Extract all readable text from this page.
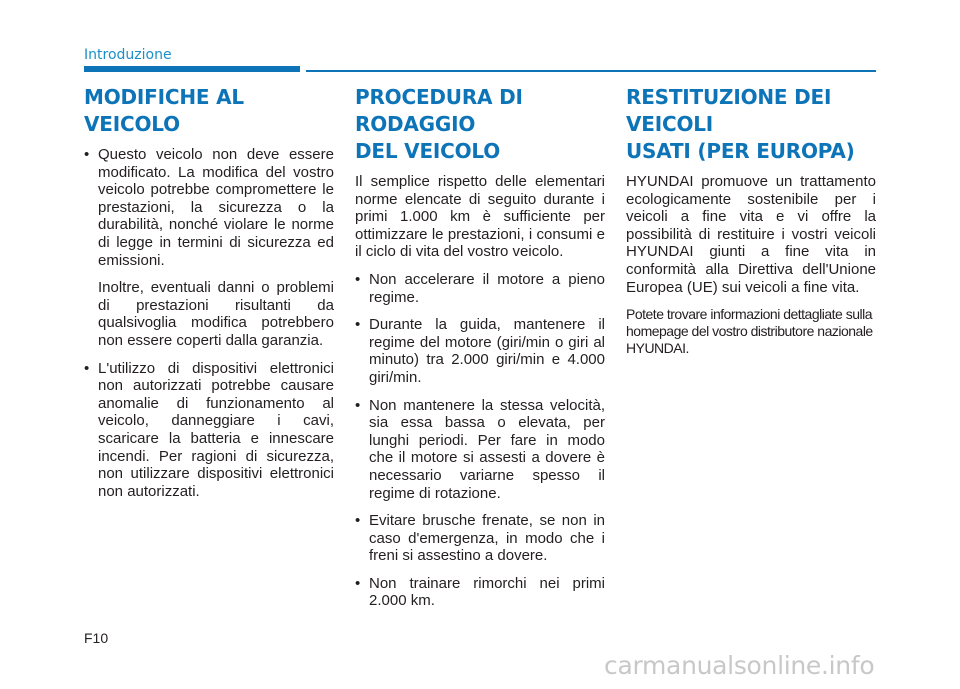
Introduzione
MODIFICHE AL VEICOLO
• Questo veicolo non deve essere modificato. La modifica del vostro veicolo potrebbe compromettere le prestazioni, la sicurezza o la durabilità, nonché violare le norme di legge in termini di sicurezza ed emissioni.

Inoltre, eventuali danni o problemi di prestazioni risultanti da qualsivoglia modifica potrebbero non essere coperti dalla garanzia.

• L'utilizzo di dispositivi elettronici non autorizzati potrebbe causare anomalie di funzionamento al veicolo, danneggiare i cavi, scaricare la batteria e innescare incendi. Per ragioni di sicurezza, non utilizzare dispositivi elettronici non autorizzati.
PROCEDURA DI RODAGGIO
DEL VEICOLO

Il semplice rispetto delle elementari norme elencate di seguito durante i primi 1.000 km è sufficiente per ottimizzare le prestazioni, i consumi e il ciclo di vita del vostro veicolo.

• Non accelerare il motore a pieno regime.
• Durante la guida, mantenere il regime del motore (giri/min o giri al minuto) tra 2.000 giri/min e 4.000 giri/min.
• Non mantenere la stessa velocità, sia essa bassa o elevata, per lunghi periodi. Per fare in modo che il motore si assesti a dovere è necessario variarne spesso il regime di rotazione.
• Evitare brusche frenate, se non in caso d'emergenza, in modo che i freni si assestino a dovere.
• Non trainare rimorchi nei primi 2.000 km.
RESTITUZIONE DEI VEICOLI
USATI (PER EUROPA)

HYUNDAI promuove un trattamento ecologicamente sostenibile per i veicoli a fine vita e vi offre la possibilità di restituire i vostri veicoli HYUNDAI giunti a fine vita in conformità alla Direttiva dell'Unione Europea (UE) sui veicoli a fine vita.

Potete trovare informazioni dettagliate sulla homepage del vostro distributore nazionale HYUNDAI.

F10
carmanualsonline.info
